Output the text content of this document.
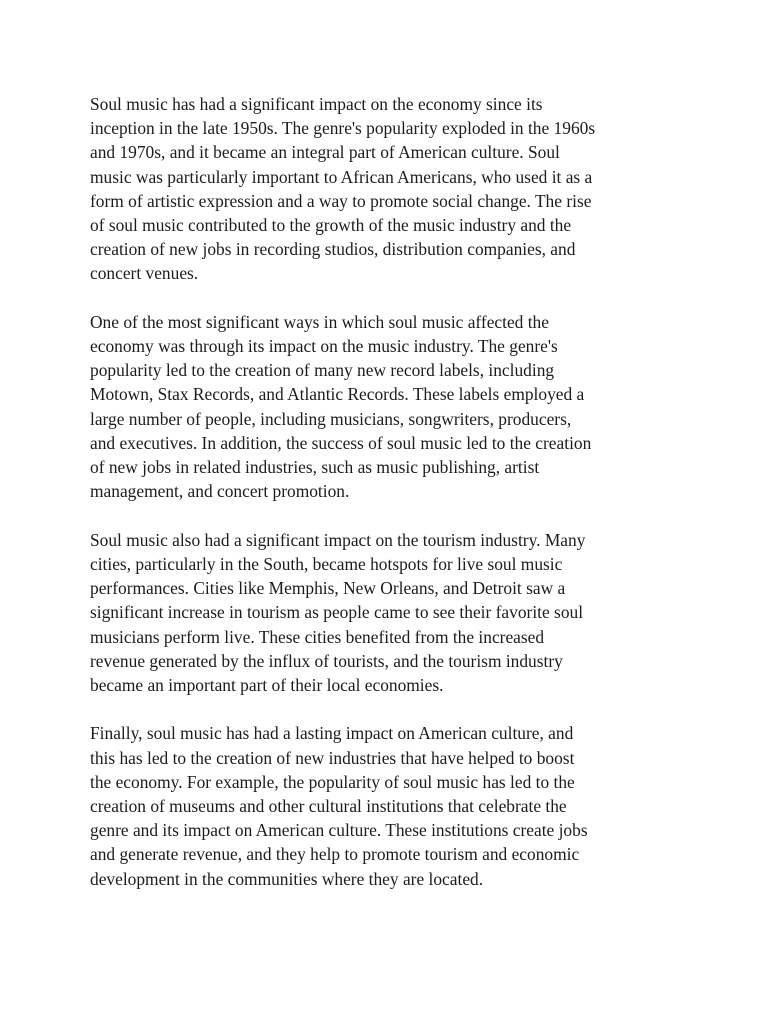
Soul music has had a significant impact on the economy since its
inception in the late 1950s. The genre's popularity exploded in the 1960s
and 1970s, and it became an integral part of American culture. Soul
music was particularly important to African Americans, who used it as a
form of artistic expression and a way to promote social change. The rise
of soul music contributed to the growth of the music industry and the
creation of new jobs in recording studios, distribution companies, and
concert venues.

One of the most significant ways in which soul music affected the
economy was through its impact on the music industry. The genre's
popularity led to the creation of many new record labels, including
Motown, Stax Records, and Atlantic Records. These labels employed a
large number of people, including musicians, songwriters, producers,
and executives. In addition, the success of soul music led to the creation
of new jobs in related industries, such as music publishing, artist
management, and concert promotion.

Soul music also had a significant impact on the tourism industry. Many
cities, particularly in the South, became hotspots for live soul music
performances. Cities like Memphis, New Orleans, and Detroit saw a
significant increase in tourism as people came to see their favorite soul
musicians perform live. These cities benefited from the increased
revenue generated by the influx of tourists, and the tourism industry
became an important part of their local economies.

Finally, soul music has had a lasting impact on American culture, and
this has led to the creation of new industries that have helped to boost
the economy. For example, the popularity of soul music has led to the
creation of museums and other cultural institutions that celebrate the
genre and its impact on American culture. These institutions create jobs
and generate revenue, and they help to promote tourism and economic
development in the communities where they are located.
